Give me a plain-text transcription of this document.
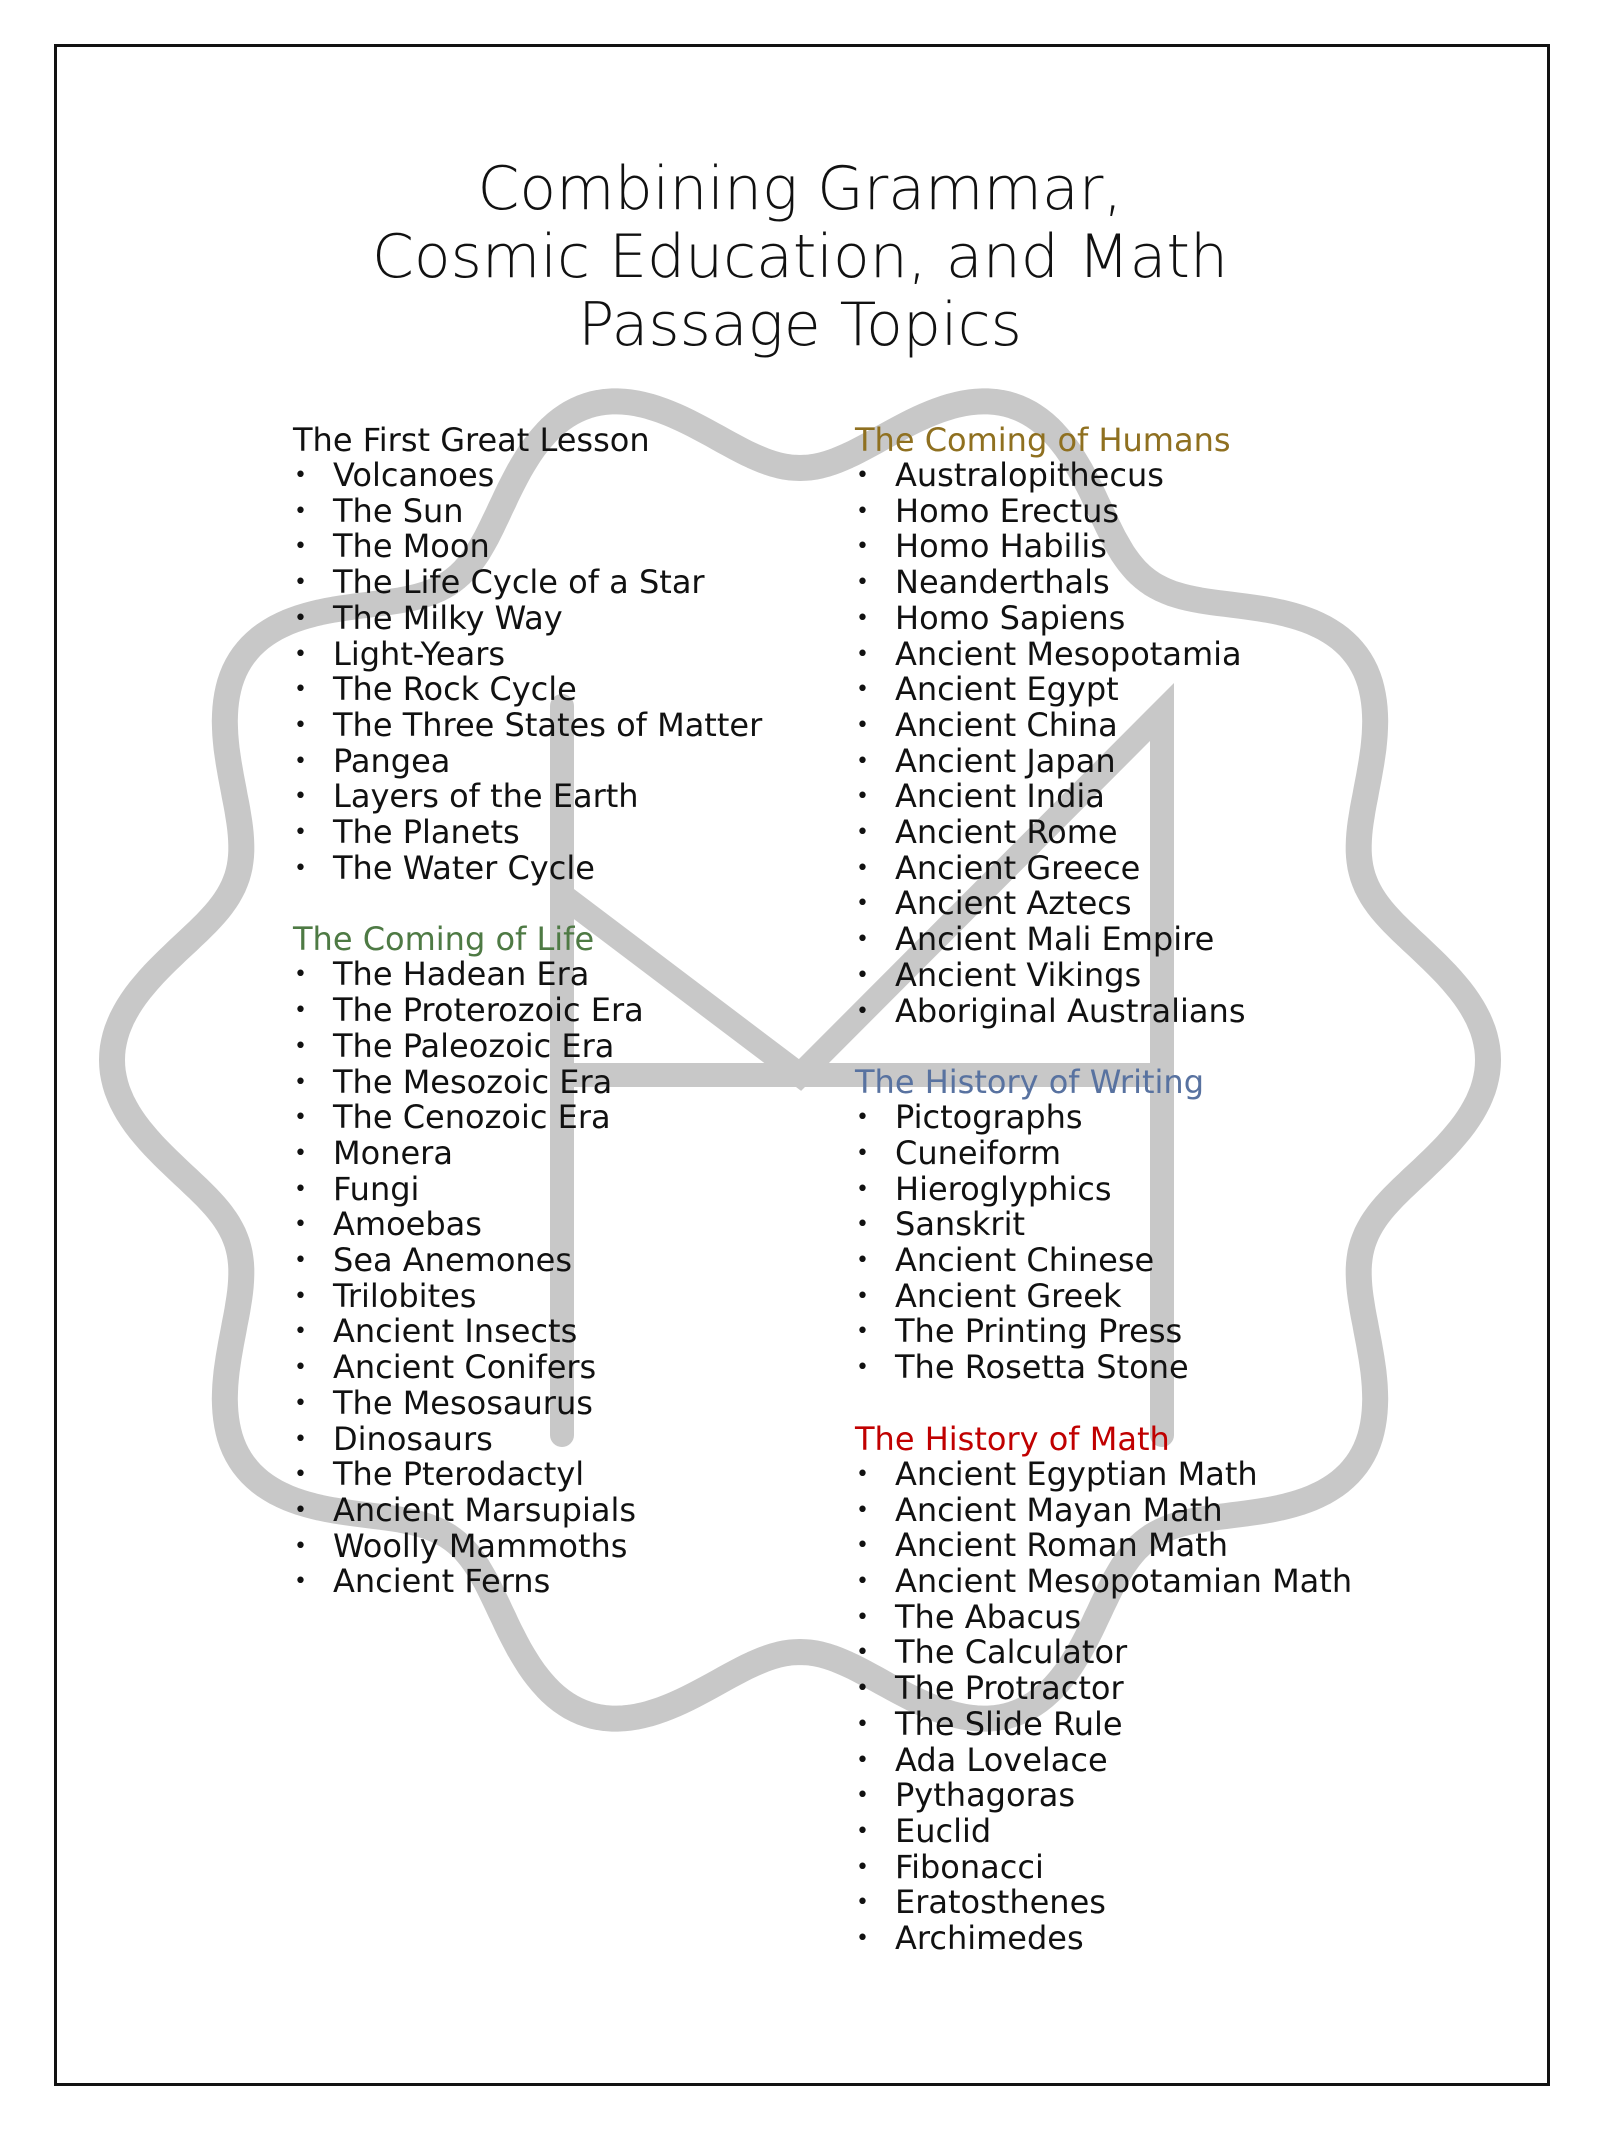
Combining Grammar,
Cosmic Education, and Math
Passage Topics
The First Great Lesson
• Volcanoes
• The Sun
• The Moon
• The Life Cycle of a Star
• The Milky Way
• Light-Years
• The Rock Cycle
• The Three States of Matter
• Pangea
• Layers of the Earth
• The Planets
• The Water Cycle
The Coming of Life
• The Hadean Era
• The Proterozoic Era
• The Paleozoic Era
• The Mesozoic Era
• The Cenozoic Era
• Monera
• Fungi
• Amoebas
• Sea Anemones
• Trilobites
• Ancient Insects
• Ancient Conifers
• The Mesosaurus
• Dinosaurs
• The Pterodactyl
• Ancient Marsupials
• Woolly Mammoths
• Ancient Ferns
The Coming of Humans
• Australopithecus
• Homo Erectus
• Homo Habilis
• Neanderthals
• Homo Sapiens
• Ancient Mesopotamia
• Ancient Egypt
• Ancient China
• Ancient Japan
• Ancient India
• Ancient Rome
• Ancient Greece
• Ancient Aztecs
• Ancient Mali Empire
• Ancient Vikings
• Aboriginal Australians
The History of Writing
• Pictographs
• Cuneiform
• Hieroglyphics
• Sanskrit
• Ancient Chinese
• Ancient Greek
• The Printing Press
• The Rosetta Stone
The History of Math
• Ancient Egyptian Math
• Ancient Mayan Math
• Ancient Roman Math
• Ancient Mesopotamian Math
• The Abacus
• The Calculator
• The Protractor
• The Slide Rule
• Ada Lovelace
• Pythagoras
• Euclid
• Fibonacci
• Eratosthenes
• Archimedes
